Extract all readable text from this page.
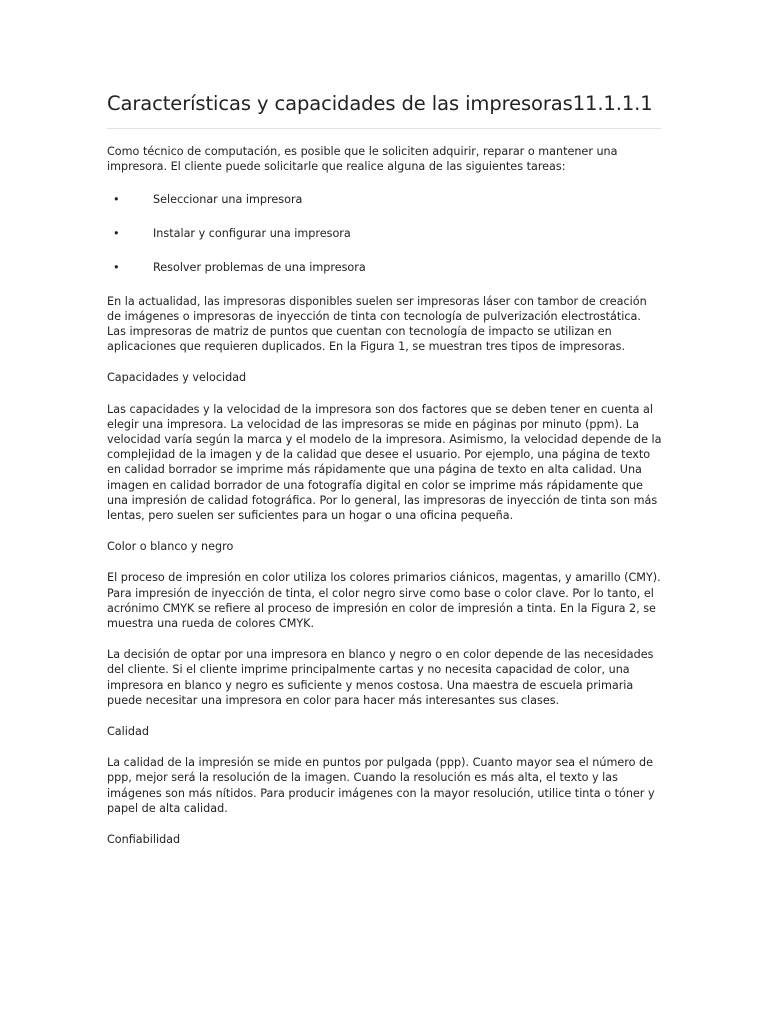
Características y capacidades de las impresoras11.1.1.1

Como técnico de computación, es posible que le soliciten adquirir, reparar o mantener una impresora. El cliente puede solicitarle que realice alguna de las siguientes tareas:

•	Seleccionar una impresora
•	Instalar y configurar una impresora
•	Resolver problemas de una impresora

En la actualidad, las impresoras disponibles suelen ser impresoras láser con tambor de creación de imágenes o impresoras de inyección de tinta con tecnología de pulverización electrostática. Las impresoras de matriz de puntos que cuentan con tecnología de impacto se utilizan en aplicaciones que requieren duplicados. En la Figura 1, se muestran tres tipos de impresoras.

Capacidades y velocidad

Las capacidades y la velocidad de la impresora son dos factores que se deben tener en cuenta al elegir una impresora. La velocidad de las impresoras se mide en páginas por minuto (ppm). La velocidad varía según la marca y el modelo de la impresora. Asimismo, la velocidad depende de la complejidad de la imagen y de la calidad que desee el usuario. Por ejemplo, una página de texto en calidad borrador se imprime más rápidamente que una página de texto en alta calidad. Una imagen en calidad borrador de una fotografía digital en color se imprime más rápidamente que una impresión de calidad fotográfica. Por lo general, las impresoras de inyección de tinta son más lentas, pero suelen ser suficientes para un hogar o una oficina pequeña.

Color o blanco y negro

El proceso de impresión en color utiliza los colores primarios ciánicos, magentas, y amarillo (CMY). Para impresión de inyección de tinta, el color negro sirve como base o color clave. Por lo tanto, el acrónimo CMYK se refiere al proceso de impresión en color de impresión a tinta. En la Figura 2, se muestra una rueda de colores CMYK.

La decisión de optar por una impresora en blanco y negro o en color depende de las necesidades del cliente. Si el cliente imprime principalmente cartas y no necesita capacidad de color, una impresora en blanco y negro es suficiente y menos costosa. Una maestra de escuela primaria puede necesitar una impresora en color para hacer más interesantes sus clases.

Calidad

La calidad de la impresión se mide en puntos por pulgada (ppp). Cuanto mayor sea el número de ppp, mejor será la resolución de la imagen. Cuando la resolución es más alta, el texto y las imágenes son más nítidos. Para producir imágenes con la mayor resolución, utilice tinta o tóner y papel de alta calidad.

Confiabilidad
